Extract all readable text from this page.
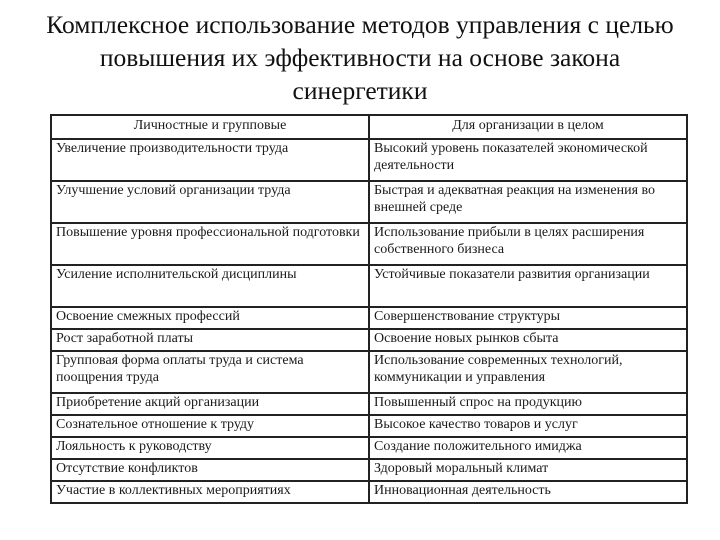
Комплексное использование методов управления с целью
повышения их эффективности на основе закона
синергетики
Личностные и групповые	Для организации в целом
Увеличение производительности труда	Высокий уровень показателей экономической деятельности
Улучшение условий организации труда	Быстрая и адекватная реакция на изменения во внешней среде
Повышение уровня профессиональной подготовки	Использование прибыли в целях расширения собственного бизнеса
Усиление исполнительской дисциплины	Устойчивые показатели развития организации
Освоение смежных профессий	Совершенствование структуры
Рост заработной платы	Освоение новых рынков сбыта
Групповая форма оплаты труда и система поощрения труда	Использование современных технологий, коммуникации и управления
Приобретение акций организации	Повышенный спрос на продукцию
Сознательное отношение к труду	Высокое качество товаров и услуг
Лояльность к руководству	Создание положительного имиджа
Отсутствие конфликтов	Здоровый моральный климат
Участие в коллективных мероприятиях	Инновационная деятельность
